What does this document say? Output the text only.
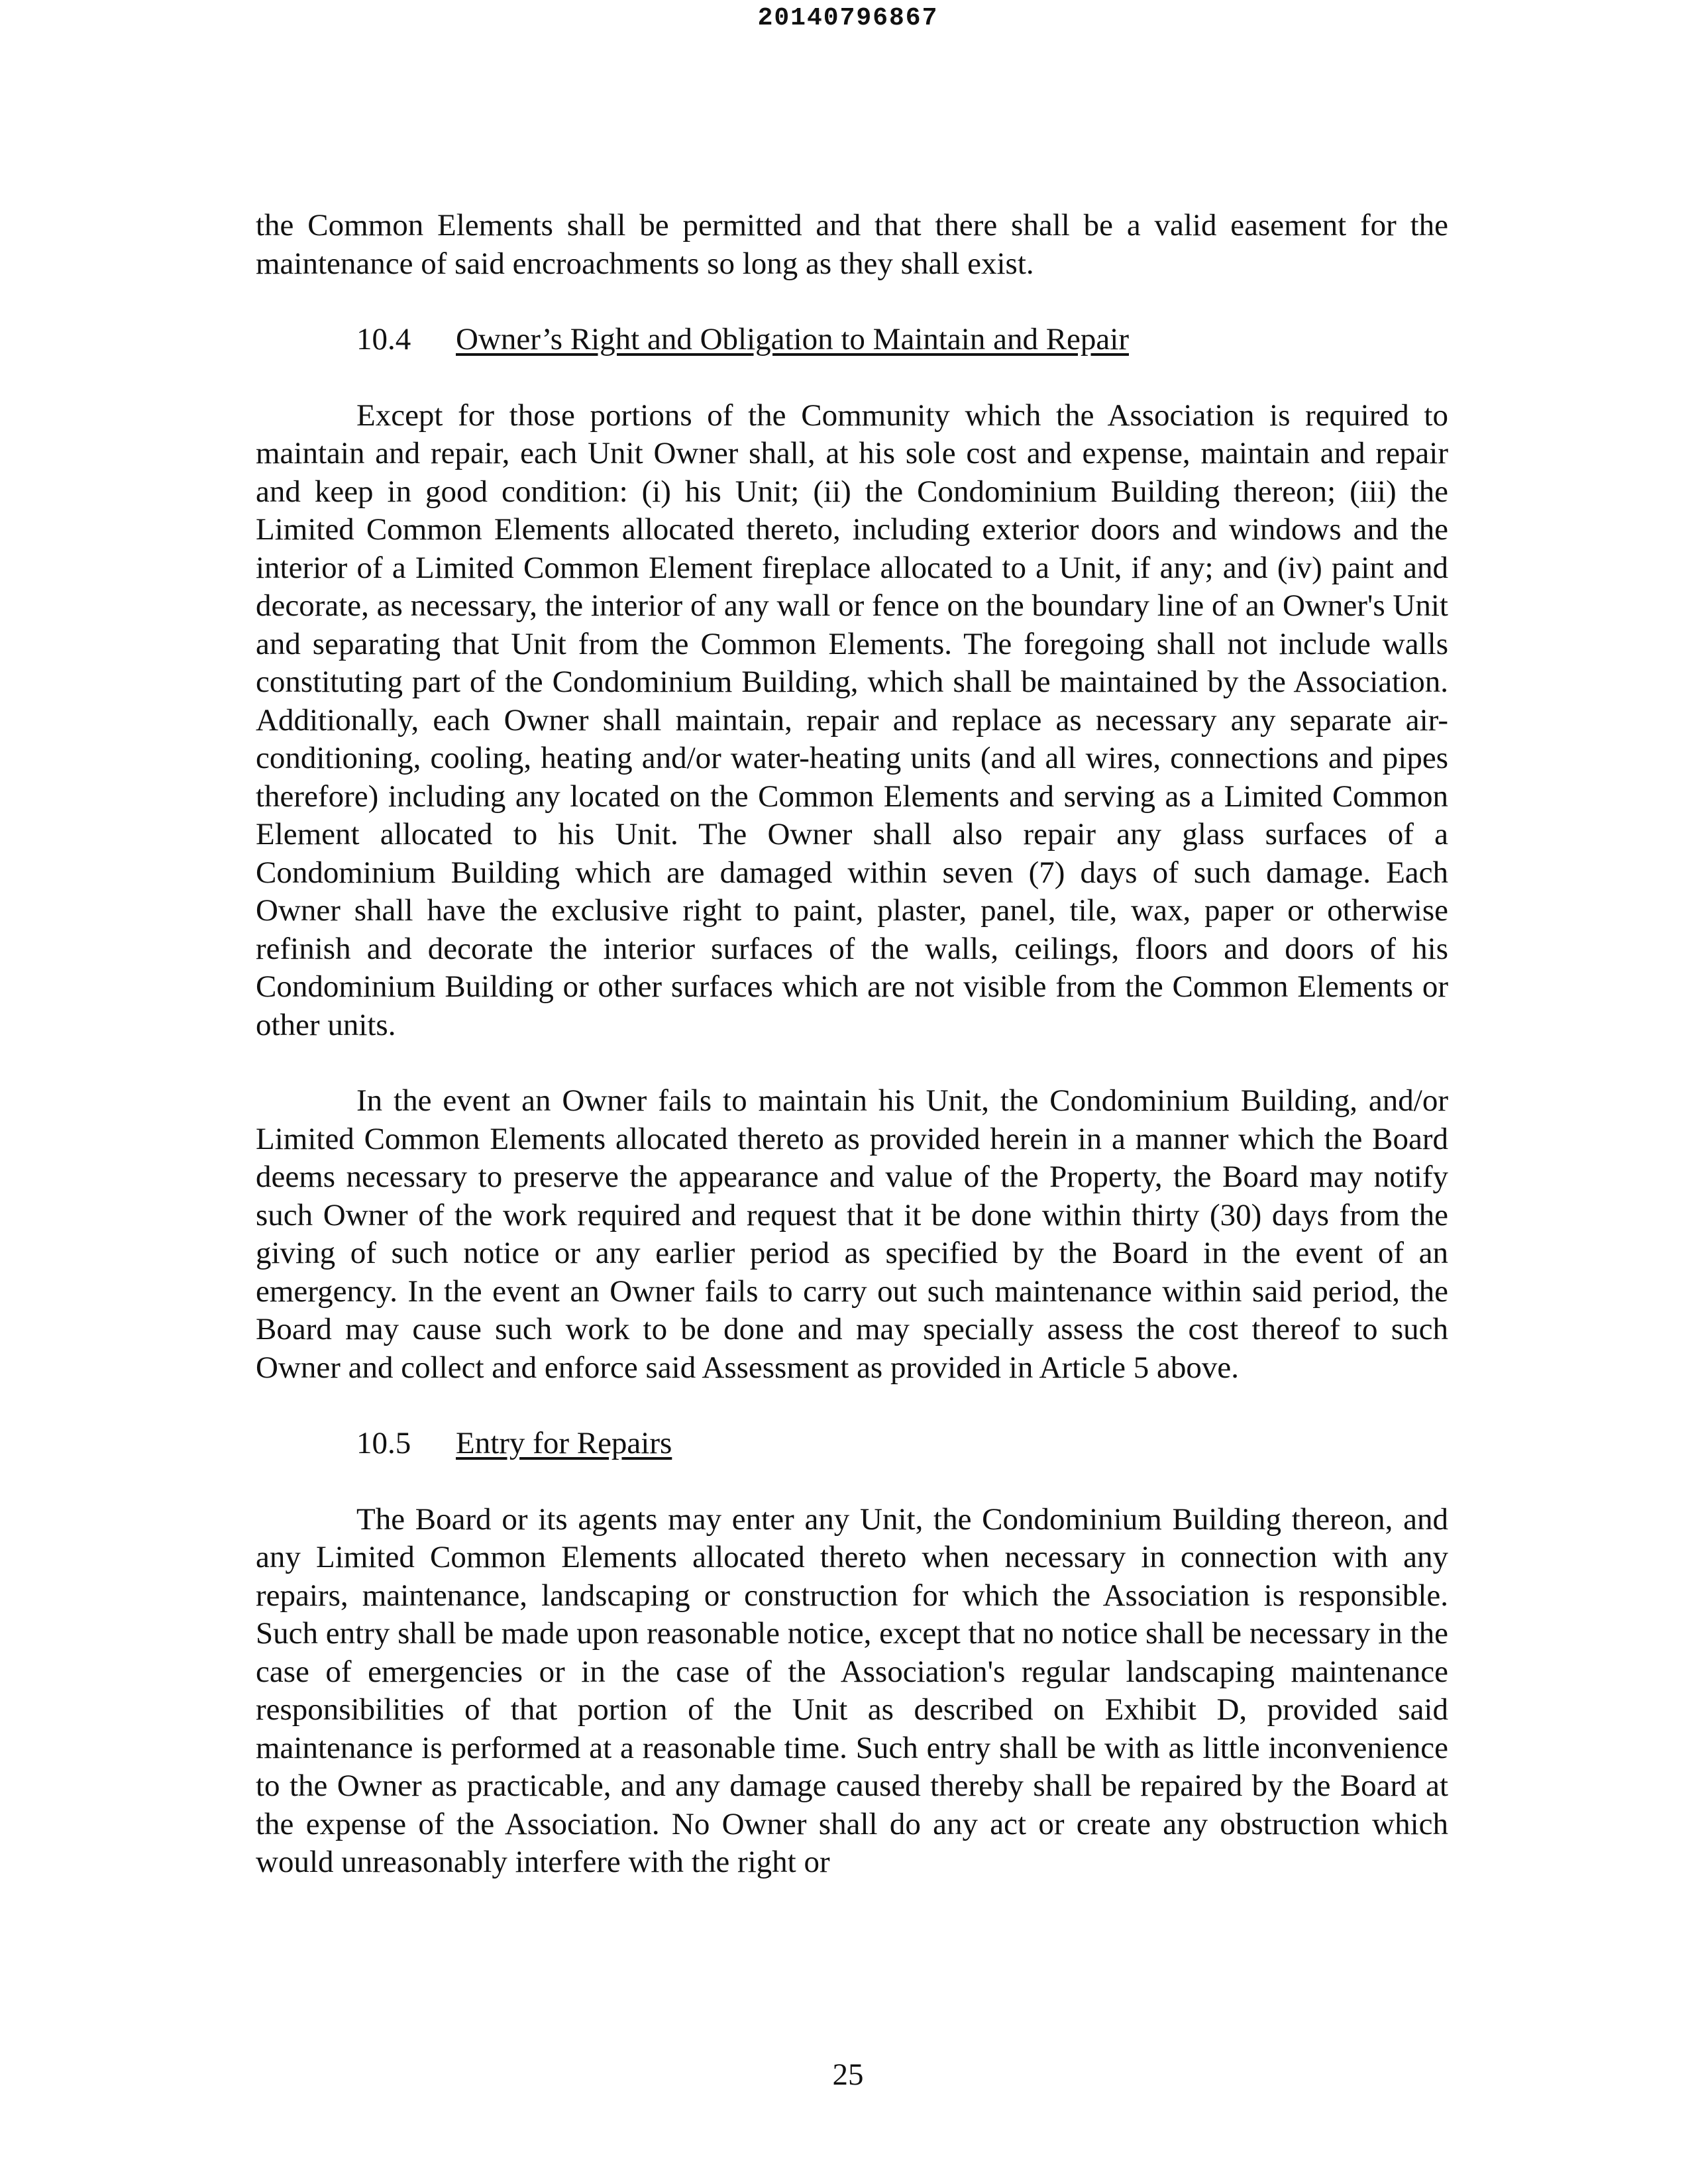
20140796867

the Common Elements shall be permitted and that there shall be a valid easement for the maintenance of said encroachments so long as they shall exist.

10.4 Owner’s Right and Obligation to Maintain and Repair

Except for those portions of the Community which the Association is required to maintain and repair, each Unit Owner shall, at his sole cost and expense, maintain and repair and keep in good condition: (i) his Unit; (ii) the Condominium Building thereon; (iii) the Limited Common Elements allocated thereto, including exterior doors and windows and the interior of a Limited Common Element fireplace allocated to a Unit, if any; and (iv) paint and decorate, as necessary, the interior of any wall or fence on the boundary line of an Owner's Unit and separating that Unit from the Common Elements. The foregoing shall not include walls constituting part of the Condominium Building, which shall be maintained by the Association. Additionally, each Owner shall maintain, repair and replace as necessary any separate air-conditioning, cooling, heating and/or water-heating units (and all wires, connections and pipes therefore) including any located on the Common Elements and serving as a Limited Common Element allocated to his Unit. The Owner shall also repair any glass surfaces of a Condominium Building which are damaged within seven (7) days of such damage. Each Owner shall have the exclusive right to paint, plaster, panel, tile, wax, paper or otherwise refinish and decorate the interior surfaces of the walls, ceilings, floors and doors of his Condominium Building or other surfaces which are not visible from the Common Elements or other units.

In the event an Owner fails to maintain his Unit, the Condominium Building, and/or Limited Common Elements allocated thereto as provided herein in a manner which the Board deems necessary to preserve the appearance and value of the Property, the Board may notify such Owner of the work required and request that it be done within thirty (30) days from the giving of such notice or any earlier period as specified by the Board in the event of an emergency. In the event an Owner fails to carry out such maintenance within said period, the Board may cause such work to be done and may specially assess the cost thereof to such Owner and collect and enforce said Assessment as provided in Article 5 above.

10.5 Entry for Repairs

The Board or its agents may enter any Unit, the Condominium Building thereon, and any Limited Common Elements allocated thereto when necessary in connection with any repairs, maintenance, landscaping or construction for which the Association is responsible. Such entry shall be made upon reasonable notice, except that no notice shall be necessary in the case of emergencies or in the case of the Association's regular landscaping maintenance responsibilities of that portion of the Unit as described on Exhibit D, provided said maintenance is performed at a reasonable time. Such entry shall be with as little inconvenience to the Owner as practicable, and any damage caused thereby shall be repaired by the Board at the expense of the Association. No Owner shall do any act or create any obstruction which would unreasonably interfere with the right or

25
